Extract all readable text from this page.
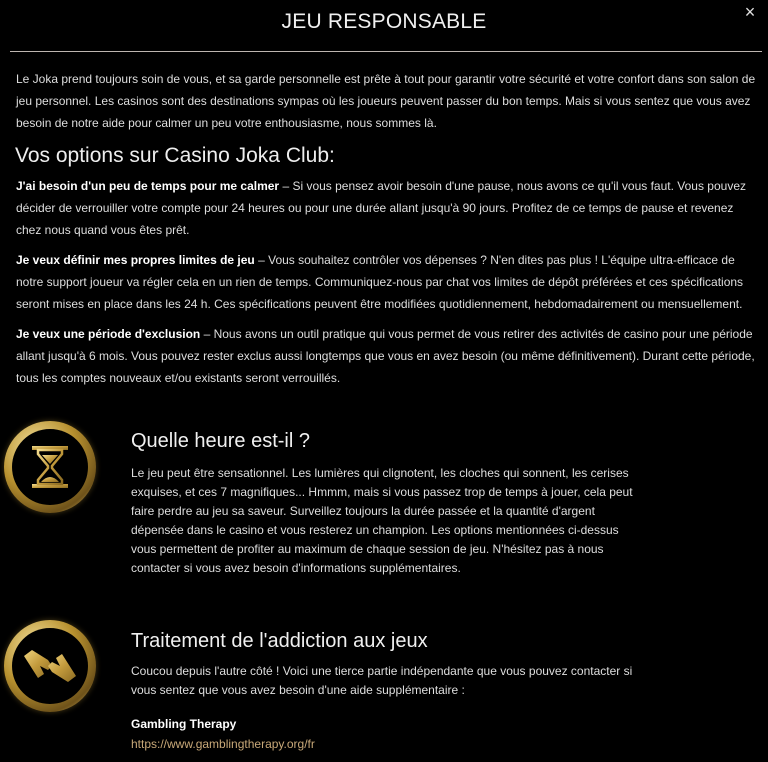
×
JEU RESPONSABLE

Le Joka prend toujours soin de vous, et sa garde personnelle est prête à tout pour garantir votre sécurité et votre confort dans son salon de jeu personnel. Les casinos sont des destinations sympas où les joueurs peuvent passer du bon temps. Mais si vous sentez que vous avez besoin de notre aide pour calmer un peu votre enthousiasme, nous sommes là.

Vos options sur Casino Joka Club:

J'ai besoin d'un peu de temps pour me calmer – Si vous pensez avoir besoin d'une pause, nous avons ce qu'il vous faut. Vous pouvez décider de verrouiller votre compte pour 24 heures ou pour une durée allant jusqu'à 90 jours. Profitez de ce temps de pause et revenez chez nous quand vous êtes prêt.

Je veux définir mes propres limites de jeu – Vous souhaitez contrôler vos dépenses ? N'en dites pas plus ! L'équipe ultra-efficace de notre support joueur va régler cela en un rien de temps. Communiquez-nous par chat vos limites de dépôt préférées et ces spécifications seront mises en place dans les 24 h. Ces spécifications peuvent être modifiées quotidiennement, hebdomadairement ou mensuellement.

Je veux une période d'exclusion – Nous avons un outil pratique qui vous permet de vous retirer des activités de casino pour une période allant jusqu'à 6 mois. Vous pouvez rester exclus aussi longtemps que vous en avez besoin (ou même définitivement). Durant cette période, tous les comptes nouveaux et/ou existants seront verrouillés.

Quelle heure est-il ?

Le jeu peut être sensationnel. Les lumières qui clignotent, les cloches qui sonnent, les cerises exquises, et ces 7 magnifiques... Hmmm, mais si vous passez trop de temps à jouer, cela peut faire perdre au jeu sa saveur. Surveillez toujours la durée passée et la quantité d'argent dépensée dans le casino et vous resterez un champion. Les options mentionnées ci-dessus vous permettent de profiter au maximum de chaque session de jeu. N'hésitez pas à nous contacter si vous avez besoin d'informations supplémentaires.

Traitement de l'addiction aux jeux

Coucou depuis l'autre côté ! Voici une tierce partie indépendante que vous pouvez contacter si vous sentez que vous avez besoin d'une aide supplémentaire :

Gambling Therapy
https://www.gamblingtherapy.org/fr
